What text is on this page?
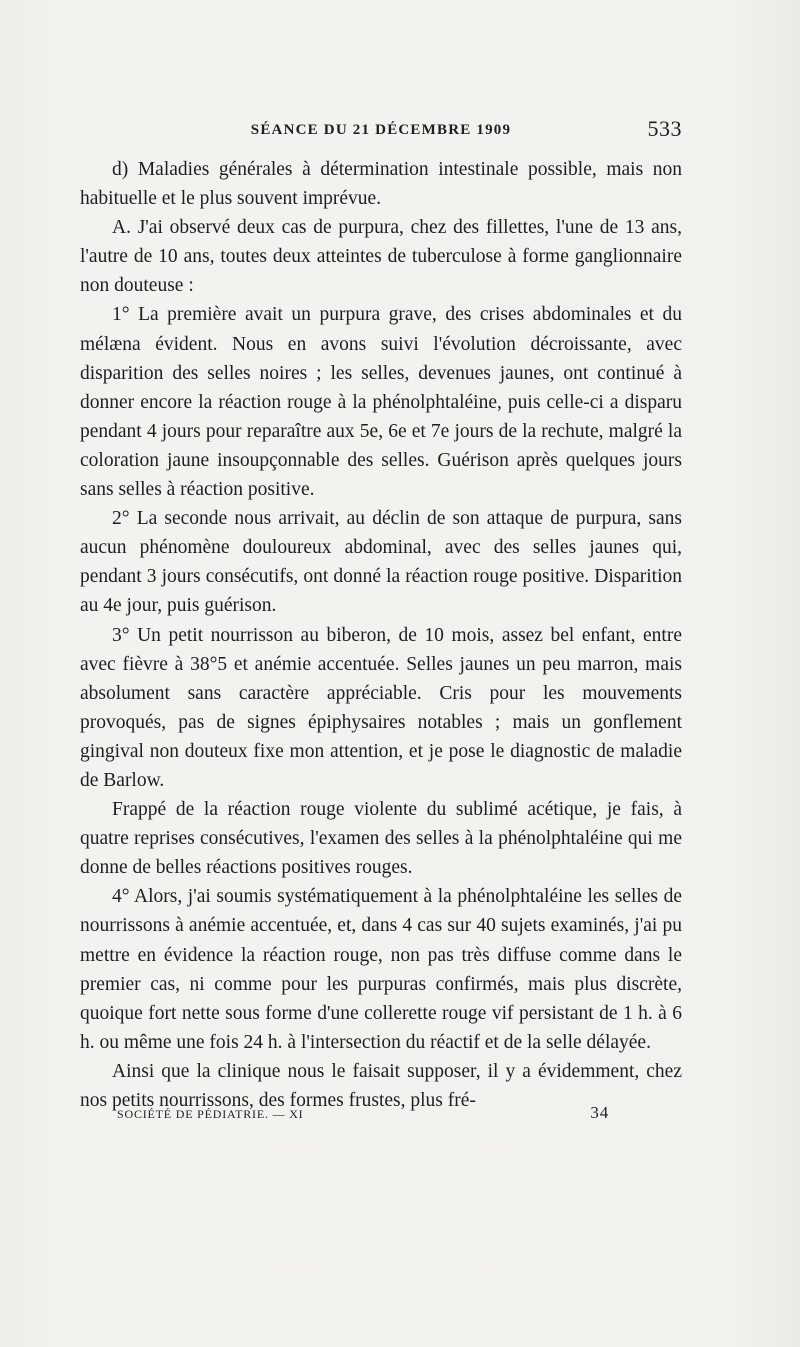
SÉANCE DU 21 DÉCEMBRE 1909	533

d) Maladies générales à détermination intestinale possible, mais non habituelle et le plus souvent imprévue.

A. J'ai observé deux cas de purpura, chez des fillettes, l'une de 13 ans, l'autre de 10 ans, toutes deux atteintes de tuberculose à forme ganglionnaire non douteuse :

1° La première avait un purpura grave, des crises abdominales et du mélæna évident. Nous en avons suivi l'évolution décroissante, avec disparition des selles noires ; les selles, devenues jaunes, ont continué à donner encore la réaction rouge à la phénolphtaléine, puis celle-ci a disparu pendant 4 jours pour reparaître aux 5e, 6e et 7e jours de la rechute, malgré la coloration jaune insoupçonnable des selles. Guérison après quelques jours sans selles à réaction positive.

2° La seconde nous arrivait, au déclin de son attaque de purpura, sans aucun phénomène douloureux abdominal, avec des selles jaunes qui, pendant 3 jours consécutifs, ont donné la réaction rouge positive. Disparition au 4e jour, puis guérison.

3° Un petit nourrisson au biberon, de 10 mois, assez bel enfant, entre avec fièvre à 38°5 et anémie accentuée. Selles jaunes un peu marron, mais absolument sans caractère appréciable. Cris pour les mouvements provoqués, pas de signes épiphysaires notables ; mais un gonflement gingival non douteux fixe mon attention, et je pose le diagnostic de maladie de Barlow.

Frappé de la réaction rouge violente du sublimé acétique, je fais, à quatre reprises consécutives, l'examen des selles à la phénolphtaléine qui me donne de belles réactions positives rouges.

4° Alors, j'ai soumis systématiquement à la phénolphtaléine les selles de nourrissons à anémie accentuée, et, dans 4 cas sur 40 sujets examinés, j'ai pu mettre en évidence la réaction rouge, non pas très diffuse comme dans le premier cas, ni comme pour les purpuras confirmés, mais plus discrète, quoique fort nette sous forme d'une collerette rouge vif persistant de 1 h. à 6 h. ou même une fois 24 h. à l'intersection du réactif et de la selle délayée.

Ainsi que la clinique nous le faisait supposer, il y a évidemment, chez nos petits nourrissons, des formes frustes, plus fré-

SOCIÉTÉ DE PÉDIATRIE. — XI	34
